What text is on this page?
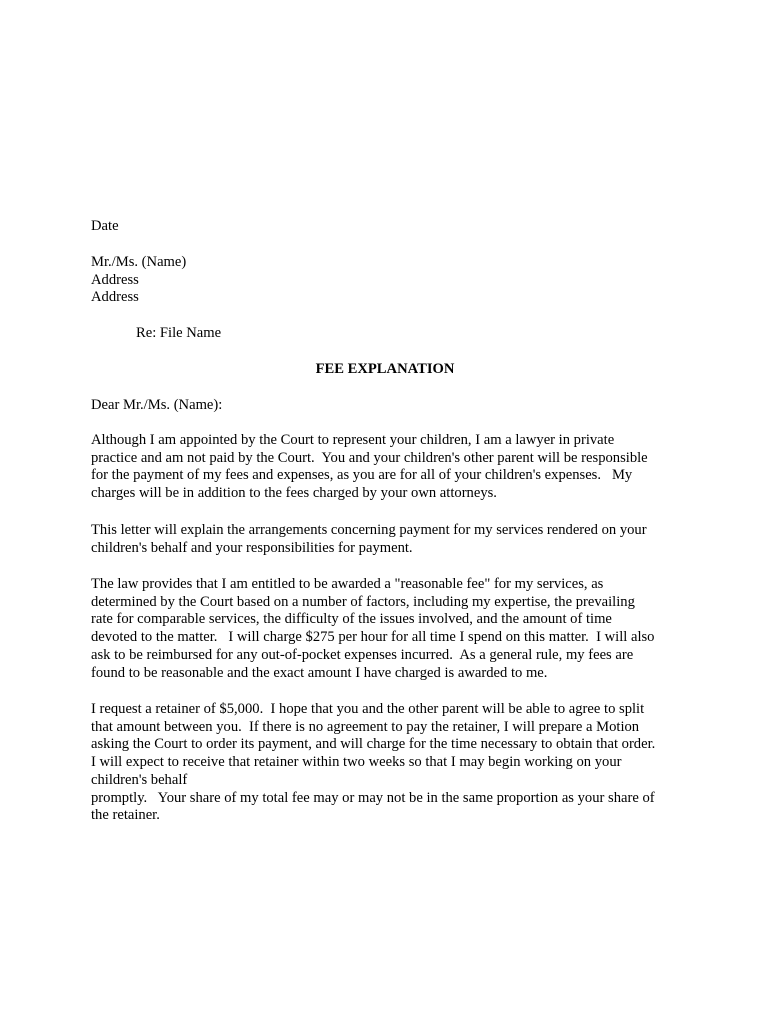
Date
Mr./Ms. (Name)
Address
Address
Re: File Name
FEE EXPLANATION
Dear Mr./Ms. (Name):
Although I am appointed by the Court to represent your children, I am a lawyer in private
practice and am not paid by the Court.  You and your children's other parent will be responsible
for the payment of my fees and expenses, as you are for all of your children's expenses.   My
charges will be in addition to the fees charged by your own attorneys.
This letter will explain the arrangements concerning payment for my services rendered on your
children's behalf and your responsibilities for payment.
The law provides that I am entitled to be awarded a "reasonable fee" for my services, as
determined by the Court based on a number of factors, including my expertise, the prevailing
rate for comparable services, the difficulty of the issues involved, and the amount of time
devoted to the matter.   I will charge $275 per hour for all time I spend on this matter.  I will also
ask to be reimbursed for any out-of-pocket expenses incurred.  As a general rule, my fees are
found to be reasonable and the exact amount I have charged is awarded to me.
I request a retainer of $5,000.  I hope that you and the other parent will be able to agree to split
that amount between you.  If there is no agreement to pay the retainer, I will prepare a Motion
asking the Court to order its payment, and will charge for the time necessary to obtain that order.
I will expect to receive that retainer within two weeks so that I may begin working on your
children's behalf
promptly.   Your share of my total fee may or may not be in the same proportion as your share of
the retainer.
